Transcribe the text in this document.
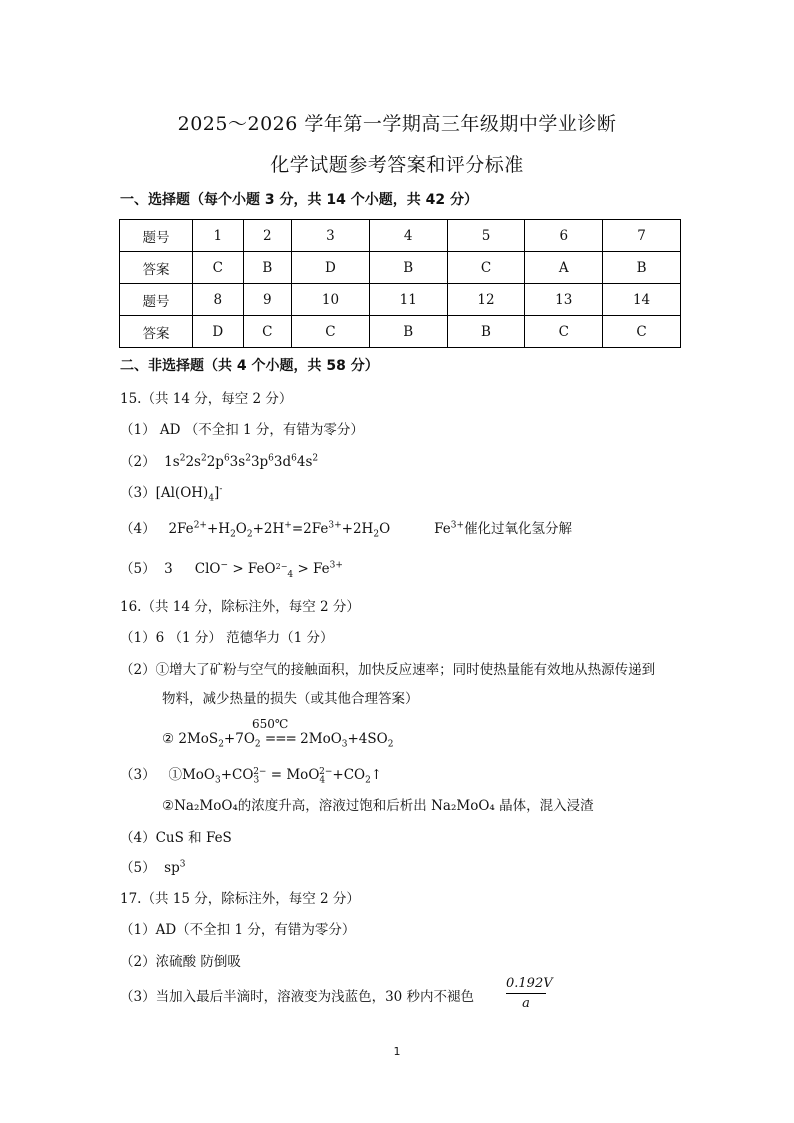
2025～2026 学年第一学期高三年级期中学业诊断
化学试题参考答案和评分标准
一、选择题（每个小题 3 分，共 14 个小题，共 42 分）
题号	1	2	3	4	5	6	7
答案	C	B	D	B	C	A	B
题号	8	9	10	11	12	13	14
答案	D	C	C	B	B	C	C
二、非选择题（共 4 个小题，共 58 分）
15.（共 14 分，每空 2 分）
（1） AD （不全扣 1 分，有错为零分）
（2）  $1s^22s^22p^63s^23p^63d^64s^2$
$(3)[Al(OH)_4]^-$
（4）   $2Fe^{2+}+H_2O_2+2H^+=2Fe^{3+}+2H_2O$	$Fe^{3+}$催化过氧化氢分解
（5）  3 $ClO^- > FeO_{2-4} > Fe^{3+}$
16.（共 14 分，除标注外，每空 2 分）
（1）6 （1 分） 范德华力（1 分）
（2）①增大了矿粉与空气的接触面积，加快反应速率；同时使热量能有效地从热源传递到
物料，减少热量的损失（或其他合理答案）
650℃
② $2MoS_2+7O_2$ === $2MoO_3+4SO_2$
（3）   $①MoO_3+CO_3^{2-}$ = $MoO_4^{2-}+CO_2↑$
②Na₂MoO₄的浓度升高，溶液过饱和后析出 Na₂MoO₄ 晶体，混入浸渣
（4）CuS 和 FeS
（5）  $sp^3$
17.（共 15 分，除标注外，每空 2 分）
（1）AD（不全扣 1 分，有错为零分）
（2）浓硫酸 防倒吸
（3）当加入最后半滴时，溶液变为浅蓝色，30 秒内不褪色 $\frac{0.192V}{a}$
1
